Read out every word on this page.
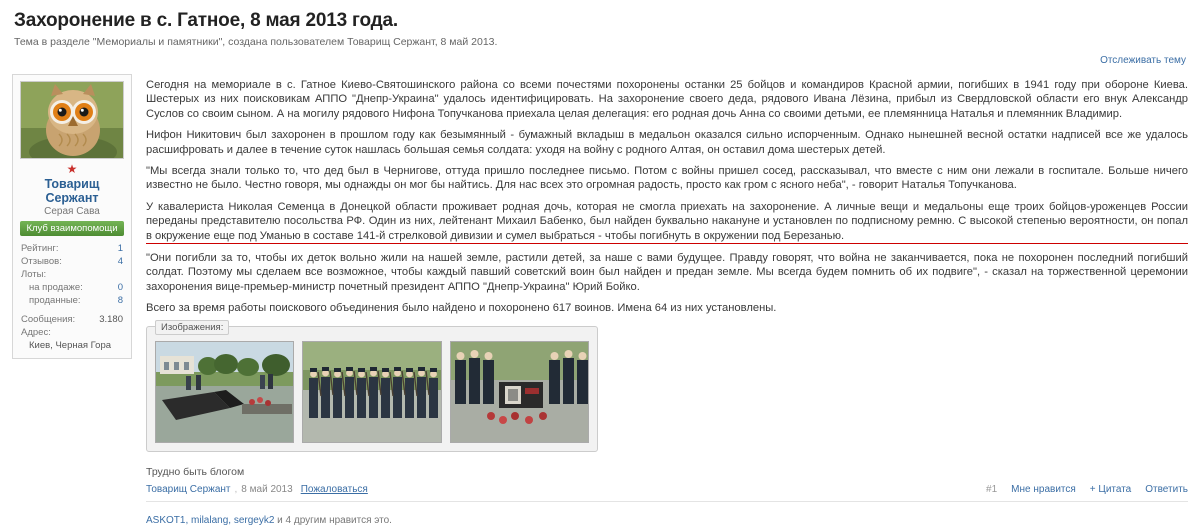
Захоронение в с. Гатное, 8 мая 2013 года.
Тема в разделе "Мемориалы и памятники", создана пользователем Товарищ Сержант, 8 май 2013.
Отслеживать тему
★
Товарищ Сержант
Серая Сава
Клуб взаимопомощи
Рейтинг:	1
Отзывов:	4
Лоты:
на продаже:	0
проданные:	8
Сообщения:	3.180
Адрес:
Киев, Черная Гора

Сегодня на мемориале в с. Гатное Киево-Святошинского района со всеми почестями похоронены останки 25 бойцов и командиров Красной армии, погибших в 1941 году при обороне Киева. Шестерых из них поисковикам АППО "Днепр-Украина" удалось идентифицировать. На захоронение своего деда, рядового Ивана Лёзина, прибыл из Свердловской области его внук Александр Суслов со своим сыном. А на могилу рядового Нифона Топучканова приехала целая делегация: его родная дочь Анна со своими детьми, ее племянница Наталья и племянник Владимир.

Нифон Никитович был захоронен в прошлом году как безымянный - бумажный вкладыш в медальон оказался сильно испорченным. Однако нынешней весной остатки надписей все же удалось расшифровать и далее в течение суток нашлась большая семья солдата: уходя на войну с родного Алтая, он оставил дома шестерых детей.

"Мы всегда знали только то, что дед был в Чернигове, оттуда пришло последнее письмо. Потом с войны пришел сосед, рассказывал, что вместе с ним они лежали в госпитале. Больше ничего известно не было. Честно говоря, мы однажды он мог бы найтись. Для нас всех это огромная радость, просто как гром с ясного неба", - говорит Наталья Топучканова.

У кавалериста Николая Семенца в Донецкой области проживает родная дочь, которая не смогла приехать на захоронение. А личные вещи и медальоны еще троих бойцов-уроженцев России переданы представителю посольства РФ. Один из них, лейтенант Михаил Бабенко, был найден буквально накануне и установлен по подписному ремню. С высокой степенью вероятности, он попал в окружение еще под Уманью в составе 141-й стрелковой дивизии и сумел выбраться - чтобы погибнуть в окружении под Березанью.

"Они погибли за то, чтобы их деток вольно жили на нашей земле, растили детей, за наше с вами будущее. Правду говорят, что война не заканчивается, пока не похоронен последний погибший солдат. Поэтому мы сделаем все возможное, чтобы каждый павший советский воин был найден и предан земле. Мы всегда будем помнить об их подвиге", - сказал на торжественной церемонии захоронения вице-премьер-министр почетный президент АППО "Днепр-Украина" Юрий Бойко.

Всего за время работы поискового объединения было найдено и похоронено 617 воинов. Имена 64 из них установлены.

Изображения:
Трудно быть блогом
Товарищ Сержант , 8 май 2013 Пожаловаться	#1 Мне нравится + Цитата Ответить
ASKOT1, milalang, sergeyk2 и 4 другим нравится это.
